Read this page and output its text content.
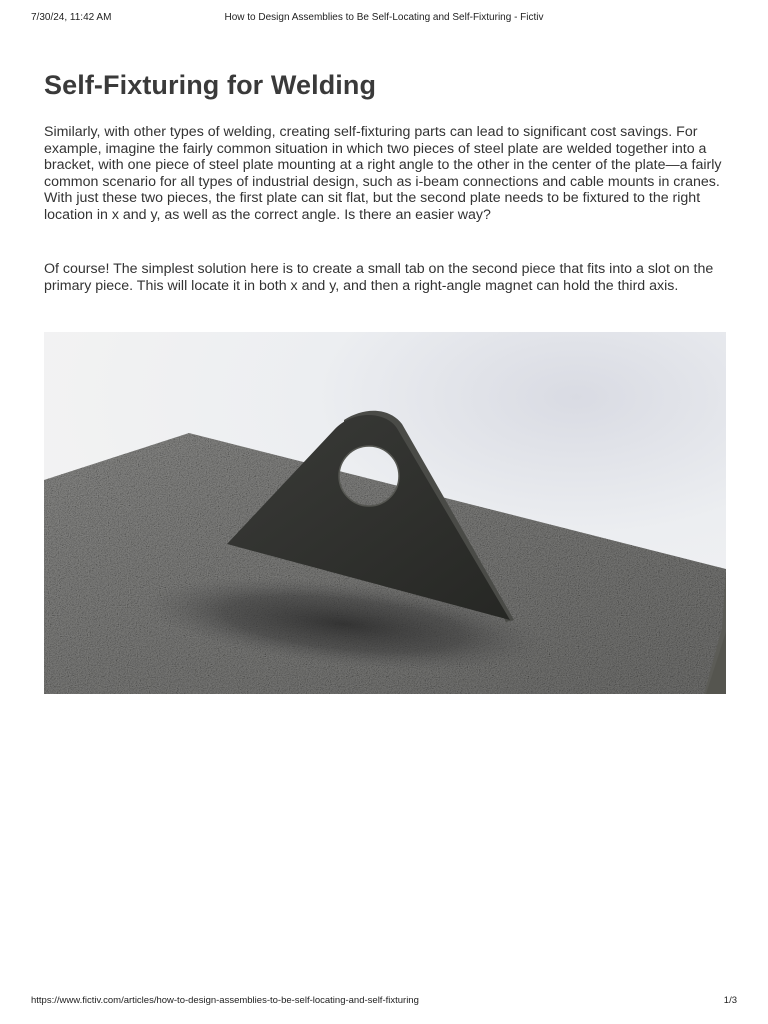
7/30/24, 11:42 AM	How to Design Assemblies to Be Self-Locating and Self-Fixturing - Fictiv
Self-Fixturing for Welding

Similarly, with other types of welding, creating self-fixturing parts can lead to significant cost savings. For example, imagine the fairly common situation in which two pieces of steel plate are welded together into a bracket, with one piece of steel plate mounting at a right angle to the other in the center of the plate—a fairly common scenario for all types of industrial design, such as i-beam connections and cable mounts in cranes. With just these two pieces, the first plate can sit flat, but the second plate needs to be fixtured to the right location in x and y, as well as the correct angle. Is there an easier way?

Of course! The simplest solution here is to create a small tab on the second piece that fits into a slot on the primary piece. This will locate it in both x and y, and then a right-angle magnet can hold the third axis.

https://www.fictiv.com/articles/how-to-design-assemblies-to-be-self-locating-and-self-fixturing	1/3
